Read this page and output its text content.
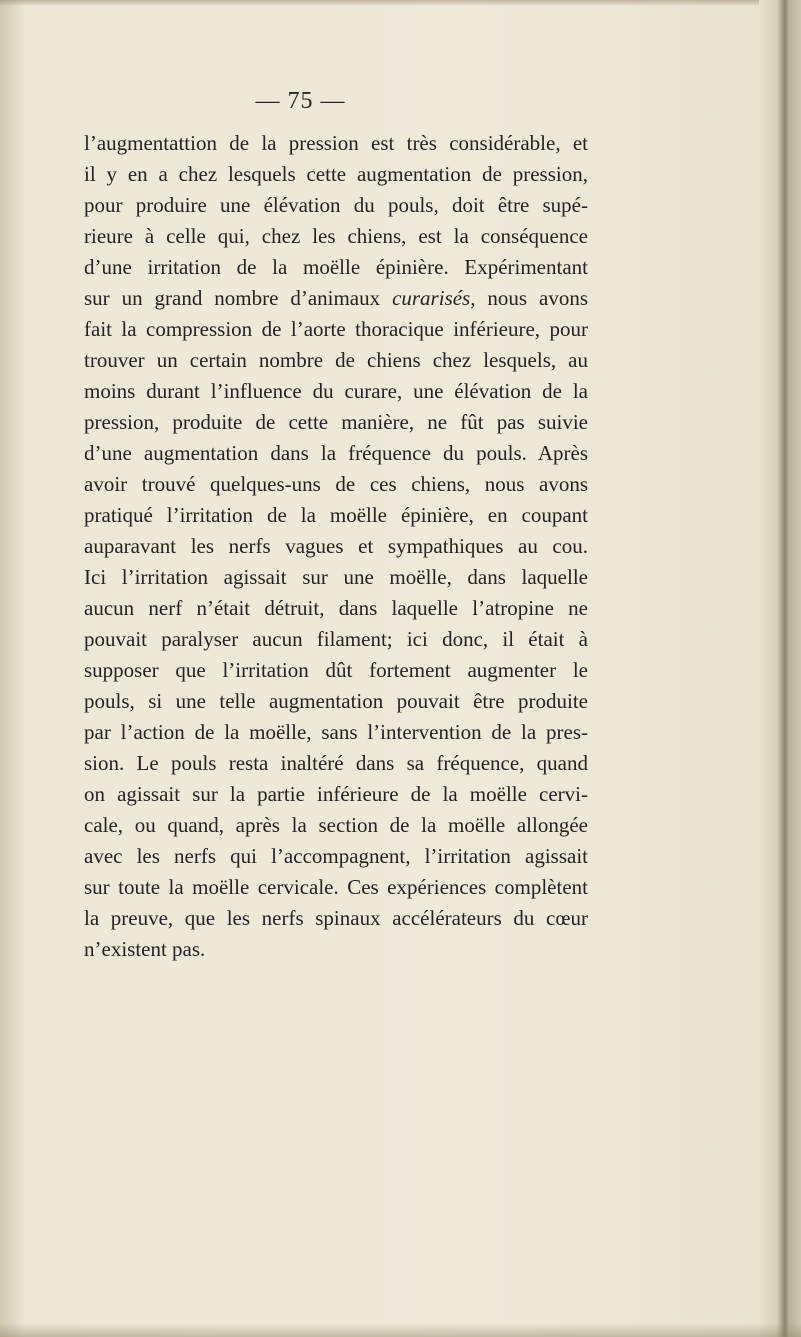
— 75 —
l’augmentattion de la pression est très considérable, et
il y en a chez lesquels cette augmentation de pression,
pour produire une élévation du pouls, doit être supé-
rieure à celle qui, chez les chiens, est la conséquence
d’une irritation de la moëlle épinière. Expérimentant
sur un grand nombre d’animaux curarisés, nous avons
fait la compression de l’aorte thoracique inférieure, pour
trouver un certain nombre de chiens chez lesquels, au
moins durant l’influence du curare, une élévation de la
pression, produite de cette manière, ne fût pas suivie
d’une augmentation dans la fréquence du pouls. Après
avoir trouvé quelques-uns de ces chiens, nous avons
pratiqué l’irritation de la moëlle épinière, en coupant
auparavant les nerfs vagues et sympathiques au cou.
Ici l’irritation agissait sur une moëlle, dans laquelle
aucun nerf n’était détruit, dans laquelle l’atropine ne
pouvait paralyser aucun filament; ici donc, il était à
supposer que l’irritation dût fortement augmenter le
pouls, si une telle augmentation pouvait être produite
par l’action de la moëlle, sans l’intervention de la pres-
sion. Le pouls resta inaltéré dans sa fréquence, quand
on agissait sur la partie inférieure de la moëlle cervi-
cale, ou quand, après la section de la moëlle allongée
avec les nerfs qui l’accompagnent, l’irritation agissait
sur toute la moëlle cervicale. Ces expériences complètent
la preuve, que les nerfs spinaux accélérateurs du cœur
n’existent pas.
